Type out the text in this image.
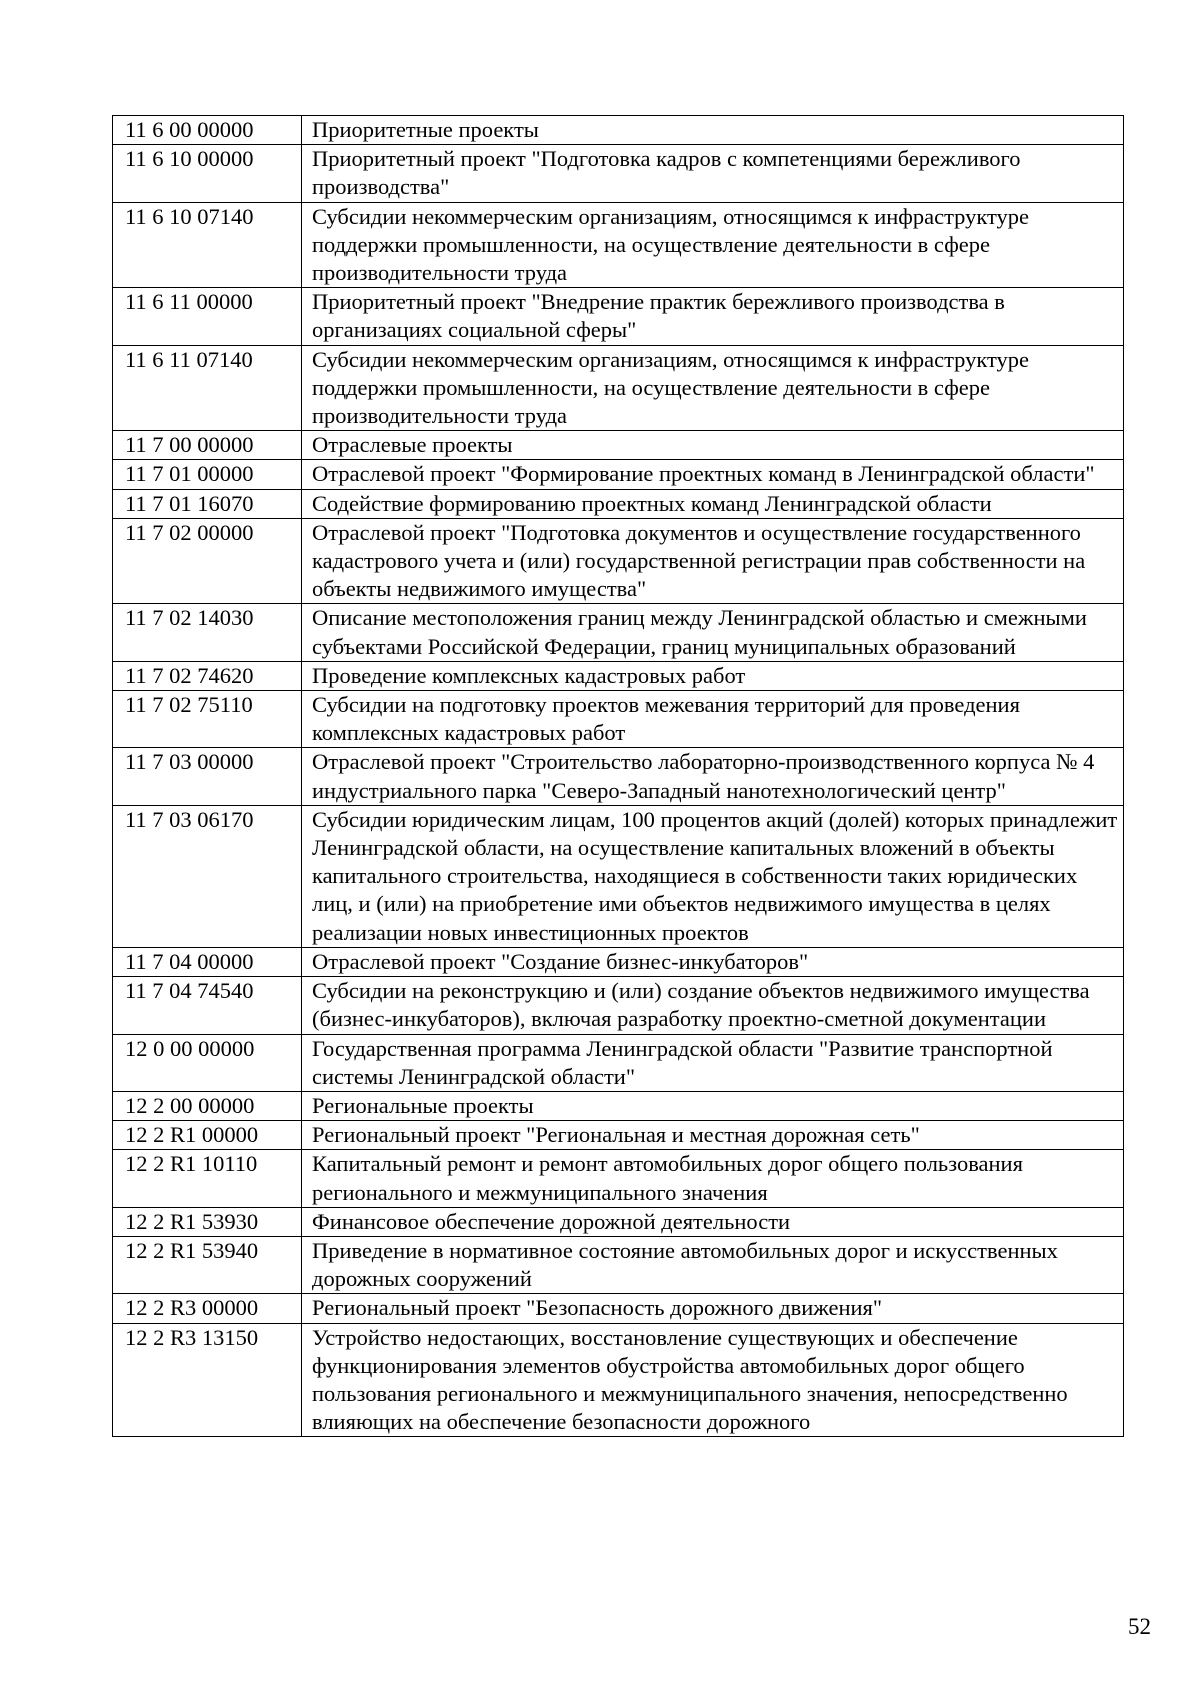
11 6 00 00000	Приоритетные проекты
11 6 10 00000	Приоритетный проект "Подготовка кадров с компетенциями бережливого производства"
11 6 10 07140	Субсидии некоммерческим организациям, относящимся к инфраструктуре поддержки промышленности, на осуществление деятельности в сфере производительности труда
11 6 11 00000	Приоритетный проект "Внедрение практик бережливого производства в организациях социальной сферы"
11 6 11 07140	Субсидии некоммерческим организациям, относящимся к инфраструктуре поддержки промышленности, на осуществление деятельности в сфере производительности труда
11 7 00 00000	Отраслевые проекты
11 7 01 00000	Отраслевой проект "Формирование проектных команд в Ленинградской области"
11 7 01 16070	Содействие формированию проектных команд Ленинградской области
11 7 02 00000	Отраслевой проект "Подготовка документов и осуществление государственного кадастрового учета и (или) государственной регистрации прав собственности на объекты недвижимого имущества"
11 7 02 14030	Описание местоположения границ между Ленинградской областью и смежными субъектами Российской Федерации, границ муниципальных образований
11 7 02 74620	Проведение комплексных кадастровых работ
11 7 02 75110	Субсидии на подготовку проектов межевания территорий для проведения комплексных кадастровых работ
11 7 03 00000	Отраслевой проект "Строительство лабораторно-производственного корпуса № 4 индустриального парка "Северо-Западный нанотехнологический центр"
11 7 03 06170	Субсидии юридическим лицам, 100 процентов акций (долей) которых принадлежит Ленинградской области, на осуществление капитальных вложений в объекты капитального строительства, находящиеся в собственности таких юридических лиц, и (или) на приобретение ими объектов недвижимого имущества в целях реализации новых инвестиционных проектов
11 7 04 00000	Отраслевой проект "Создание бизнес-инкубаторов"
11 7 04 74540	Субсидии на реконструкцию и (или) создание объектов недвижимого имущества (бизнес-инкубаторов), включая разработку проектно-сметной документации
12 0 00 00000	Государственная программа Ленинградской области "Развитие транспортной системы Ленинградской области"
12 2 00 00000	Региональные проекты
12 2 R1 00000	Региональный проект "Региональная и местная дорожная сеть"
12 2 R1 10110	Капитальный ремонт и ремонт автомобильных дорог общего пользования регионального и межмуниципального значения
12 2 R1 53930	Финансовое обеспечение дорожной деятельности
12 2 R1 53940	Приведение в нормативное состояние автомобильных дорог и искусственных дорожных сооружений
12 2 R3 00000	Региональный проект "Безопасность дорожного движения"
12 2 R3 13150	Устройство недостающих, восстановление существующих и обеспечение функционирования элементов обустройства автомобильных дорог общего пользования регионального и межмуниципального значения, непосредственно влияющих на обеспечение безопасности дорожного
52
